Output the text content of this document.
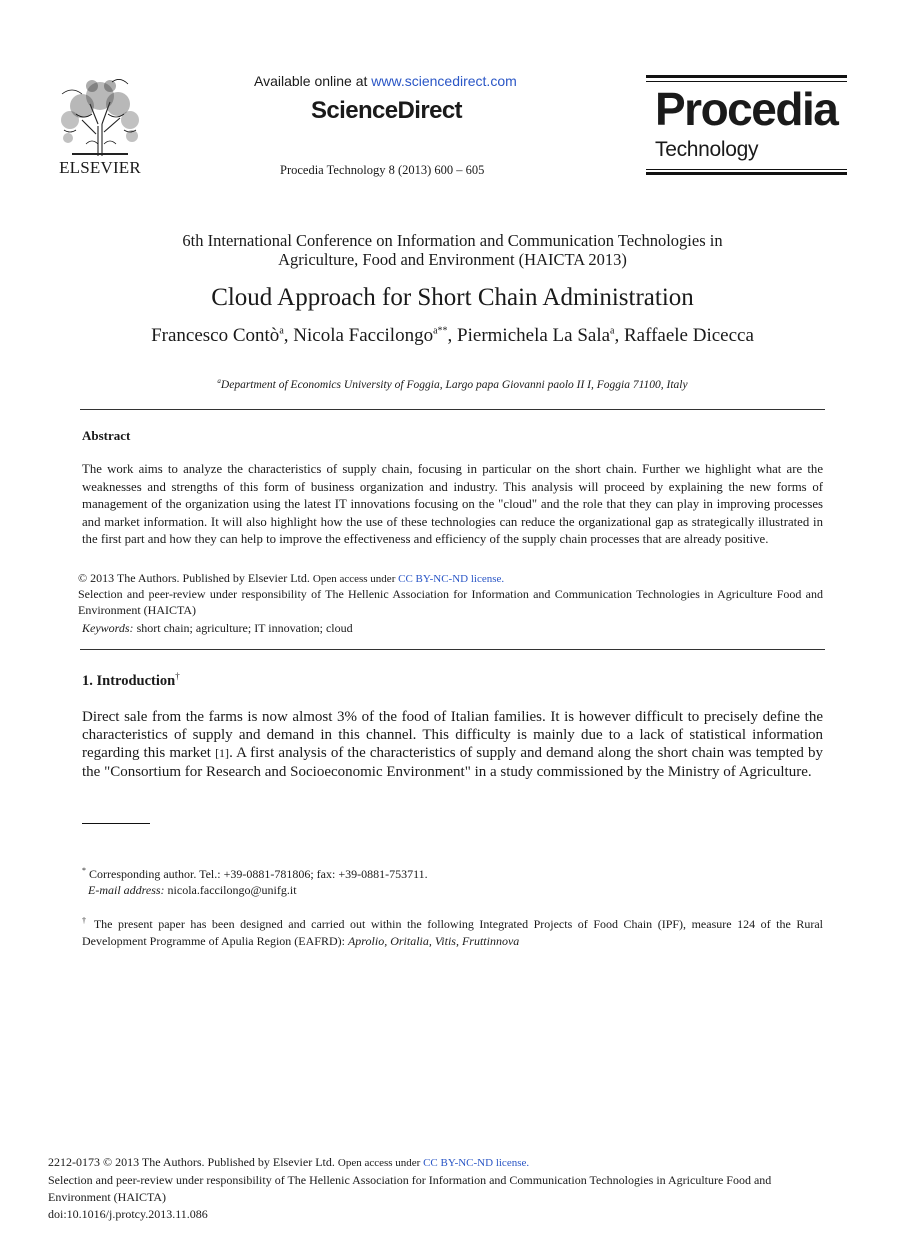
ELSEVIER
Available online at www.sciencedirect.com
ScienceDirect
Procedia Technology 8 (2013) 600 – 605
Procedia
Technology
6th International Conference on Information and Communication Technologies in
Agriculture, Food and Environment (HAICTA 2013)
Cloud Approach for Short Chain Administration
Francesco Contò$^a$, Nicola Faccilongo$^{a**}$, Piermichela La Sala$^a$, Raffaele Dicecca
$^a$Department of Economics University of Foggia, Largo papa Giovanni paolo II I, Foggia 71100, Italy
Abstract
The work aims to analyze the characteristics of supply chain, focusing in particular on the short chain. Further we highlight what are the weaknesses and strengths of this form of business organization and industry. This analysis will proceed by explaining the new forms of management of the organization using the latest IT innovations focusing on the "cloud" and the role that they can play in improving processes and market information. It will also highlight how the use of these technologies can reduce the organizational gap as strategically illustrated in the first part and how they can help to improve the effectiveness and efficiency of the supply chain processes that are already positive.
© 2013 The Authors. Published by Elsevier Ltd. Open access under CC BY-NC-ND license.
Selection and peer-review under responsibility of The Hellenic Association for Information and Communication Technologies in Agriculture Food and Environment (HAICTA)
Keywords: short chain; agriculture; IT innovation; cloud
1. Introduction†
Direct sale from the farms is now almost 3% of the food of Italian families. It is however difficult to precisely define the characteristics of supply and demand in this channel. This difficulty is mainly due to a lack of statistical information regarding this market [1]. A first analysis of the characteristics of supply and demand along the short chain was tempted by the "Consortium for Research and Socioeconomic Environment" in a study commissioned by the Ministry of Agriculture.
* Corresponding author. Tel.: +39-0881-781806; fax: +39-0881-753711.
E-mail address: nicola.faccilongo@unifg.it
† The present paper has been designed and carried out within the following Integrated Projects of Food Chain (IPF), measure 124 of the Rural Development Programme of Apulia Region (EAFRD): Aprolio, Oritalia, Vitis, Fruttinnova
2212-0173 © 2013 The Authors. Published by Elsevier Ltd. Open access under CC BY-NC-ND license.
Selection and peer-review under responsibility of The Hellenic Association for Information and Communication Technologies in Agriculture Food and Environment (HAICTA)
doi:10.1016/j.protcy.2013.11.086
